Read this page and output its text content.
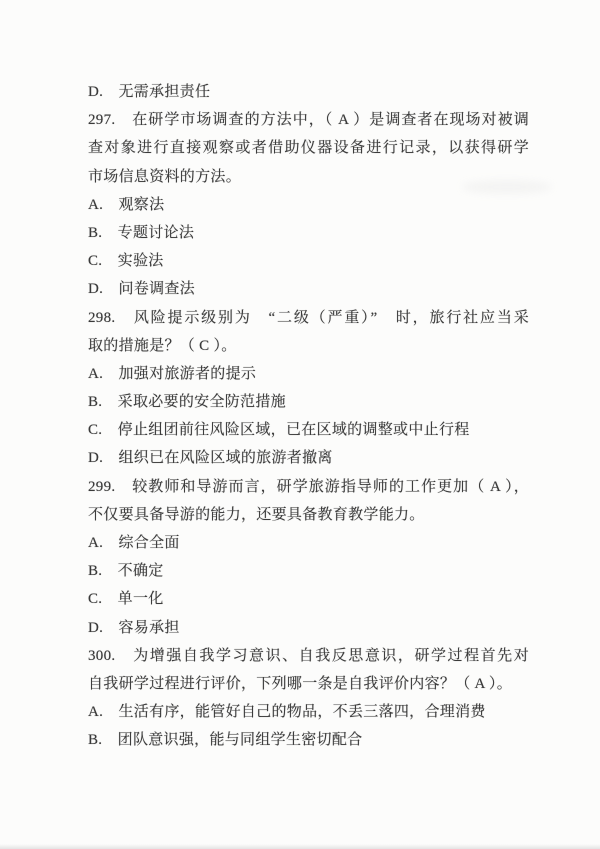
D.　无需承担责任
297.　在研学市场调查的方法中，（ A ）是调查者在现场对被调
查对象进行直接观察或者借助仪器设备进行记录，以获得研学
市场信息资料的方法。
A.　观察法
B.　专题讨论法
C.　实验法
D.　问卷调查法
298.　风险提示级别为　“二级（严重）”　时，旅行社应当采
取的措施是？（ C ）。
A.　加强对旅游者的提示
B.　采取必要的安全防范措施
C.　停止组团前往风险区域，已在区域的调整或中止行程
D.　组织已在风险区域的旅游者撤离
299.　较教师和导游而言，研学旅游指导师的工作更加（ A ），
不仅要具备导游的能力，还要具备教育教学能力。
A.　综合全面
B.　不确定
C.　单一化
D.　容易承担
300.　为增强自我学习意识、自我反思意识，研学过程首先对
自我研学过程进行评价，下列哪一条是自我评价内容？（ A ）。
A.　生活有序，能管好自己的物品，不丢三落四，合理消费
B.　团队意识强，能与同组学生密切配合
